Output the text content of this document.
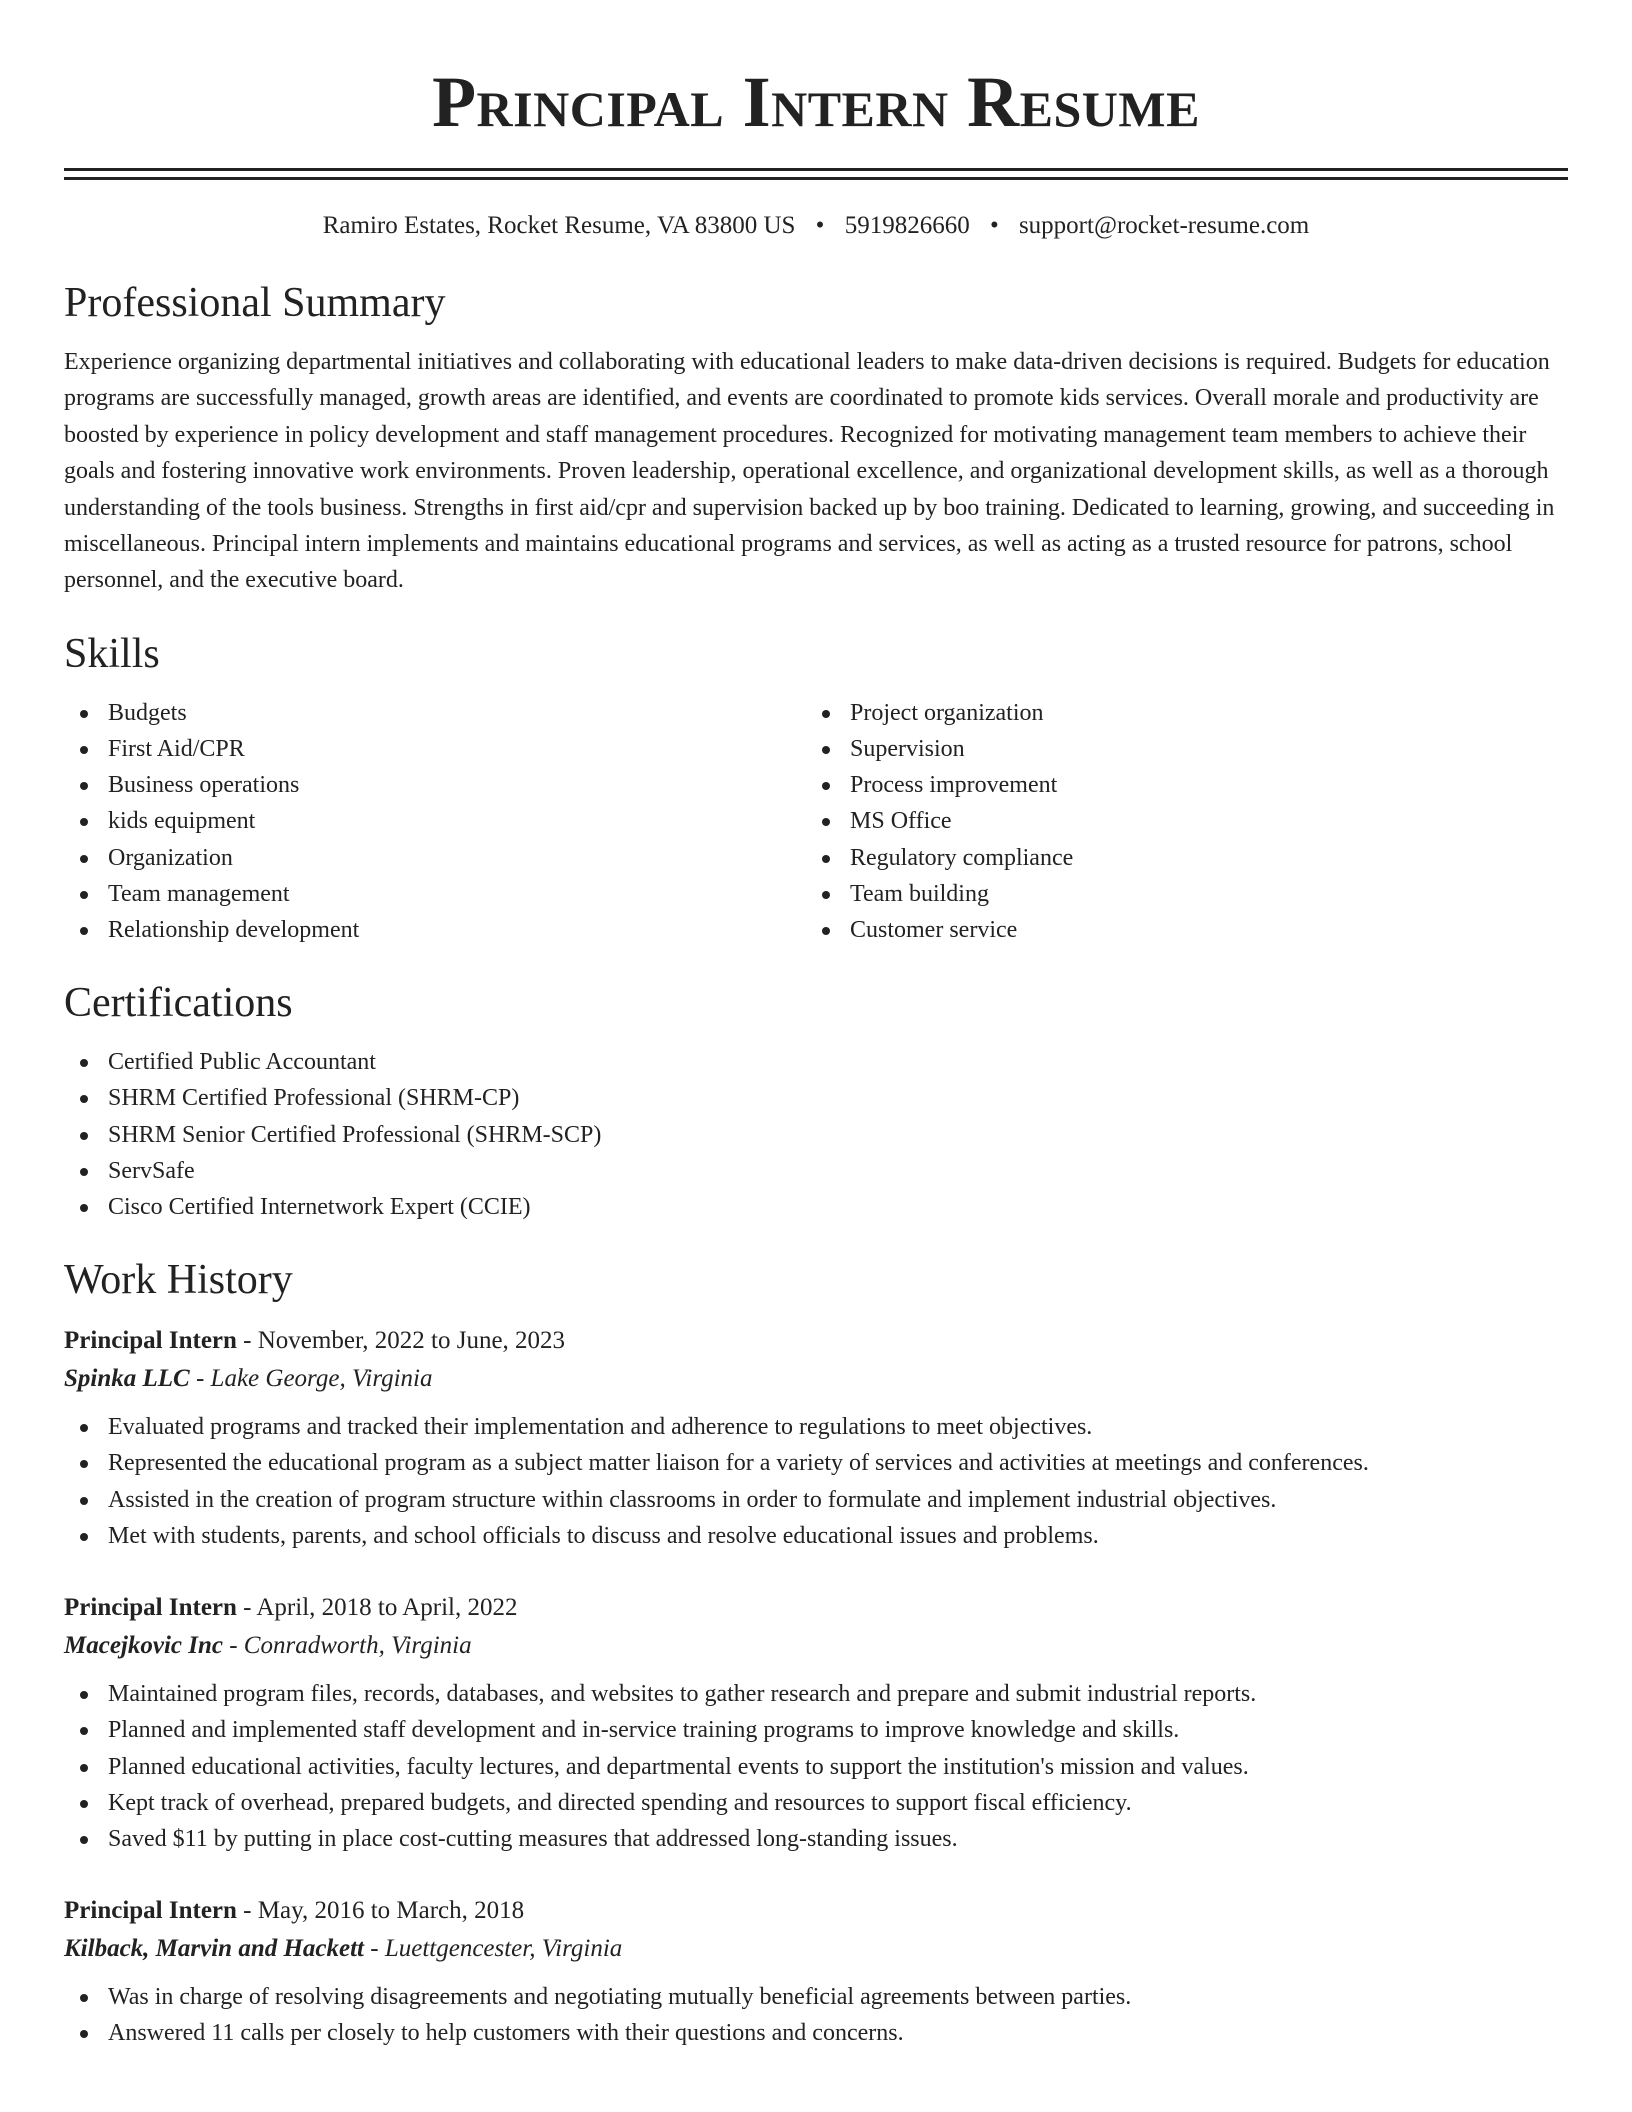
Principal Intern Resume
Ramiro Estates, Rocket Resume, VA 83800 US • 5919826660 • support@rocket-resume.com
Professional Summary

Experience organizing departmental initiatives and collaborating with educational leaders to make data-driven decisions is required. Budgets for education programs are successfully managed, growth areas are identified, and events are coordinated to promote kids services. Overall morale and productivity are boosted by experience in policy development and staff management procedures. Recognized for motivating management team members to achieve their goals and fostering innovative work environments. Proven leadership, operational excellence, and organizational development skills, as well as a thorough understanding of the tools business. Strengths in first aid/cpr and supervision backed up by boo training. Dedicated to learning, growing, and succeeding in miscellaneous. Principal intern implements and maintains educational programs and services, as well as acting as a trusted resource for patrons, school personnel, and the executive board.

Skills
Budgets
First Aid/CPR
Business operations
kids equipment
Organization
Team management
Relationship development
Project organization
Supervision
Process improvement
MS Office
Regulatory compliance
Team building
Customer service
Certifications
Certified Public Accountant
SHRM Certified Professional (SHRM-CP)
SHRM Senior Certified Professional (SHRM-SCP)
ServSafe
Cisco Certified Internetwork Expert (CCIE)
Work History
Principal Intern - November, 2022 to June, 2023
Spinka LLC - Lake George, Virginia
Evaluated programs and tracked their implementation and adherence to regulations to meet objectives.
Represented the educational program as a subject matter liaison for a variety of services and activities at meetings and conferences.
Assisted in the creation of program structure within classrooms in order to formulate and implement industrial objectives.
Met with students, parents, and school officials to discuss and resolve educational issues and problems.
Principal Intern - April, 2018 to April, 2022
Macejkovic Inc - Conradworth, Virginia
Maintained program files, records, databases, and websites to gather research and prepare and submit industrial reports.
Planned and implemented staff development and in-service training programs to improve knowledge and skills.
Planned educational activities, faculty lectures, and departmental events to support the institution's mission and values.
Kept track of overhead, prepared budgets, and directed spending and resources to support fiscal efficiency.
Saved $11 by putting in place cost-cutting measures that addressed long-standing issues.
Principal Intern - May, 2016 to March, 2018
Kilback, Marvin and Hackett - Luettgencester, Virginia
Was in charge of resolving disagreements and negotiating mutually beneficial agreements between parties.
Answered 11 calls per closely to help customers with their questions and concerns.
